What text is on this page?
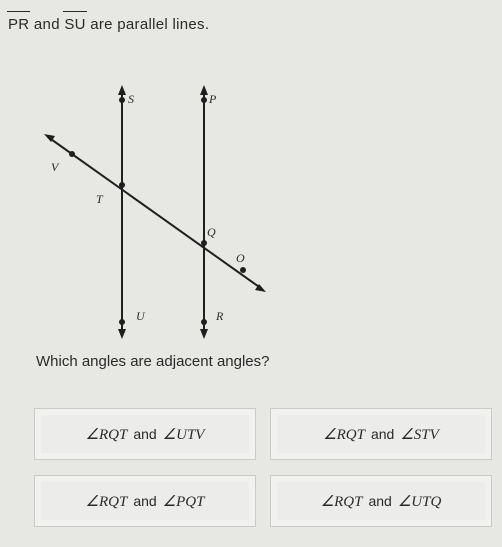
PR and SU are parallel lines.
S	P
V
T
Q
O
U	R
Which angles are adjacent angles?
∠RQT and ∠UTV	∠RQT and ∠STV
∠RQT and ∠PQT	∠RQT and ∠UTQ
